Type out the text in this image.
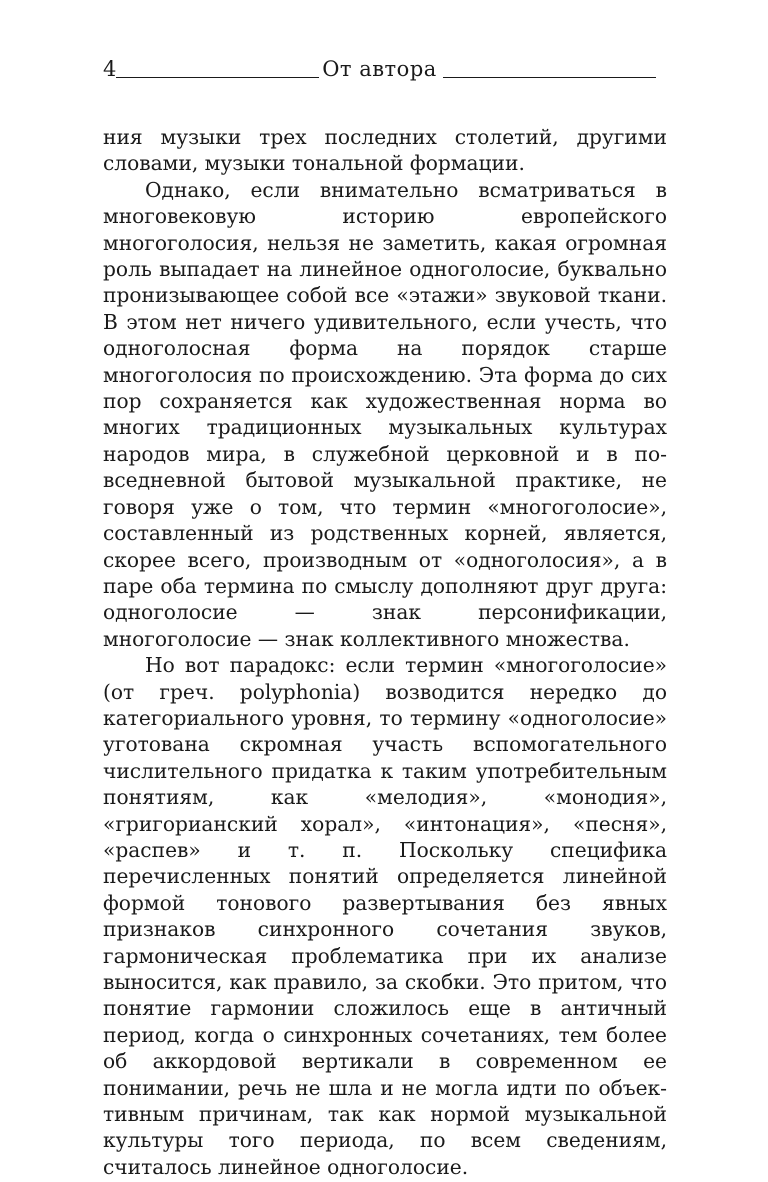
4	От автора

ния музыки трех последних столетий, другими словами, музыки тональной формации.

Однако, если внимательно всматриваться в многовековую историю европейского многоголосия, нельзя не заметить, какая огромная роль выпадает на линейное одноголосие, буквально пронизывающее собой все «этажи» звуковой ткани. В этом нет ничего удивительного, если учесть, что одноголосная форма на порядок старше многоголосия по происхождению. Эта форма до сих пор сохраняется как художественная норма во многих традиционных музыкальных культурах народов мира, в служебной церковной и в повседневной бытовой музыкальной практике, не говоря уже о том, что термин «многоголосие», составленный из родственных корней, является, скорее всего, производным от «одноголосия», а в паре оба термина по смыслу дополняют друг друга: одноголосие — знак персонификации, многоголосие — знак коллективного множества.

Но вот парадокс: если термин «многоголосие» (от греч. polyphonia) возводится нередко до категориального уровня, то термину «одноголосие» уготована скромная участь вспомогательного числительного придатка к таким употребительным понятиям, как «мелодия», «монодия», «григорианский хорал», «интонация», «песня», «распев» и т. п. Поскольку специфика перечисленных понятий определяется линейной формой тонового развертывания без явных признаков синхронного сочетания звуков, гармоническая проблематика при их анализе выносится, как правило, за скобки. Это притом, что понятие гармонии сложилось еще в античный период, когда о синхронных сочетаниях, тем более об аккордовой вертикали в современном ее понимании, речь не шла и не могла идти по объективным причинам, так как нормой музыкальной культуры того периода, по всем сведениям, считалось линейное одноголосие.
